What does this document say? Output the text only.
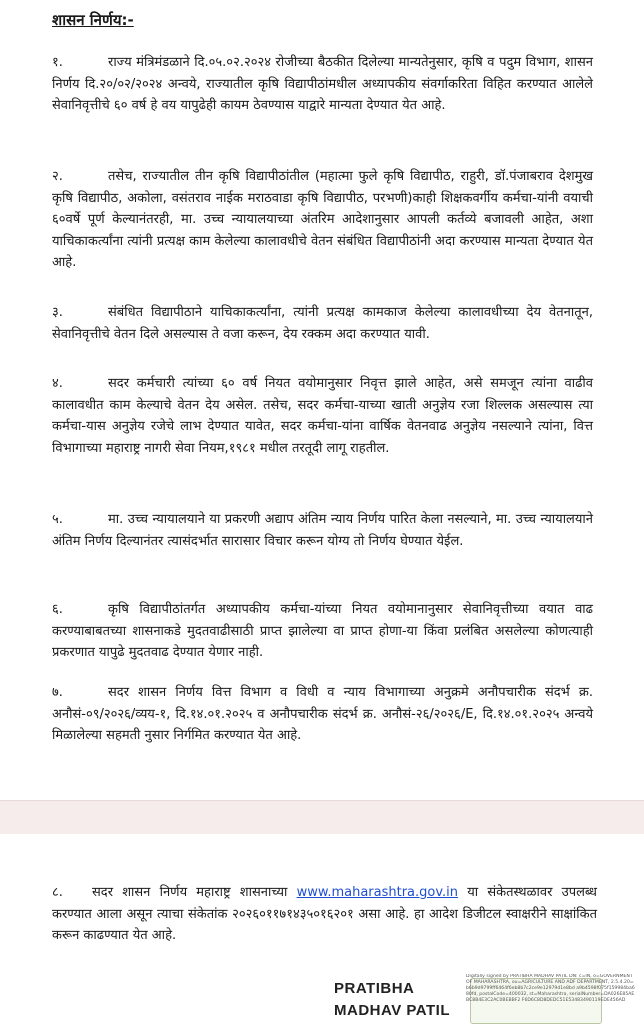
शासन निर्णय:-
१.	राज्य मंत्रिमंडळाने दि.०५.०२.२०२४ रोजीच्या बैठकीत दिलेल्या मान्यतेनुसार, कृषि व पदुम विभाग, शासन निर्णय दि.२०/०२/२०२४ अन्वये, राज्यातील कृषि विद्यापीठांमधील अध्यापकीय संवर्गाकरिता विहित करण्यात आलेले सेवानिवृत्तीचे ६० वर्ष हे वय यापुढेही कायम ठेवण्यास याद्वारे मान्यता देण्यात येत आहे.
२.	तसेच, राज्यातील तीन कृषि विद्यापीठांतील (महात्मा फुले कृषि विद्यापीठ, राहुरी, डॉ.पंजाबराव देशमुख कृषि विद्यापीठ, अकोला, वसंतराव नाईक मराठवाडा कृषि विद्यापीठ, परभणी)काही शिक्षकवर्गीय कर्मचा-यांनी वयाची ६०वर्षे पूर्ण केल्यानंतरही, मा. उच्च न्यायालयाच्या अंतरिम आदेशानुसार आपली कर्तव्ये बजावली आहेत, अशा याचिकाकर्त्यांना त्यांनी प्रत्यक्ष काम केलेल्या कालावधीचे वेतन संबंधित विद्यापीठांनी अदा करण्यास मान्यता देण्यात येत आहे.
३.	संबंधित विद्यापीठाने याचिकाकर्त्यांना, त्यांनी प्रत्यक्ष कामकाज केलेल्या कालावधीच्या देय वेतनातून, सेवानिवृत्तीचे वेतन दिले असल्यास ते वजा करून, देय रक्कम अदा करण्यात यावी.
४.	सदर कर्मचारी त्यांच्या ६० वर्ष नियत वयोमानुसार निवृत्त झाले आहेत, असे समजून त्यांना वाढीव कालावधीत काम केल्याचे वेतन देय असेल. तसेच, सदर कर्मचा-याच्या खाती अनुज्ञेय रजा शिल्लक असल्यास त्या कर्मचा-यास अनुज्ञेय रजेचे लाभ देण्यात यावेत, सदर कर्मचा-यांना वार्षिक वेतनवाढ अनुज्ञेय नसल्याने त्यांना, वित्त विभागाच्या महाराष्ट्र नागरी सेवा नियम,१९८१ मधील तरतूदी लागू राहतील.
५.	मा. उच्च न्यायालयाने या प्रकरणी अद्याप अंतिम न्याय निर्णय पारित केला नसल्याने, मा. उच्च न्यायालयाने अंतिम निर्णय दिल्यानंतर त्यासंदर्भात सारासार विचार करून योग्य तो निर्णय घेण्यात येईल.
६.	कृषि विद्यापीठांतर्गत अध्यापकीय कर्मचा-यांच्या नियत वयोमानानुसार सेवानिवृत्तीच्या वयात वाढ करण्याबाबतच्या शासनाकडे मुदतवाढीसाठी प्राप्त झालेल्या वा प्राप्त होणा-या किंवा प्रलंबित असलेल्या कोणत्याही प्रकरणात यापुढे मुदतवाढ देण्यात येणार नाही.
७.	सदर शासन निर्णय वित्त विभाग व विधी व न्याय विभागाच्या अनुक्रमे अनौपचारीक संदर्भ क्र. अनौसं-०९/२०२६/व्यय-१, दि.१४.०१.२०२५ व अनौपचारीक संदर्भ क्र. अनौसं-२६/२०२६/E, दि.१४.०१.२०२५ अन्वये मिळालेल्या सहमती नुसार निर्गमित करण्यात येत आहे.
८. सदर शासन निर्णय महाराष्ट्र शासनाच्या www.maharashtra.gov.in या संकेतस्थळावर उपलब्ध करण्यात आला असून त्याचा संकेतांक २०२६०११७१४३५०१६२०१ असा आहे. हा आदेश डिजीटल स्वाक्षरीने साक्षांकित करून काढण्यात येत आहे.
PRATIBHA
MADHAV PATIL
Digitally signed by PRATIBHA MADHAV PATIL DN: c=IN, o=GOVERNMENT OF MAHARASHTRA, ou=AGRICULTURE AND ADF DEPARTMENT, 2.5.4.20=b6b9d9799ff6464f6eb8b7c2ce9e12979d1e8bd a9b4598f075f159984ba680fd, postalCode=400032, st=Maharashtra, serialNumber=DA026E85AEBC8B4E3C2AC0BEBBF2 F6D6C8D8DEDC51E53483490119EDE456AD
